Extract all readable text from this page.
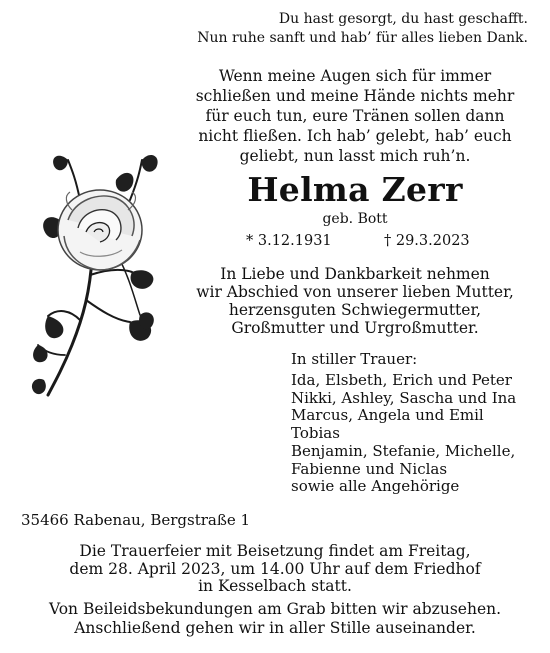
Du hast gesorgt, du hast geschafft.
Nun ruhe sanft und hab’ für alles lieben Dank.
Wenn meine Augen sich für immer
schließen und meine Hände nichts mehr
für euch tun, eure Tränen sollen dann
nicht fließen. Ich hab’ gelebt, hab’ euch
geliebt, nun lasst mich ruh’n.
Helma Zerr
geb. Bott
* 3.12.1931	† 29.3.2023
In Liebe und Dankbarkeit nehmen
wir Abschied von unserer lieben Mutter,
herzensguten Schwiegermutter,
Großmutter und Urgroßmutter.
In stiller Trauer:
Ida, Elsbeth, Erich und Peter
Nikki, Ashley, Sascha und Ina
Marcus, Angela und Emil
Tobias
Benjamin, Stefanie, Michelle,
Fabienne und Niclas
sowie alle Angehörige
35466 Rabenau, Bergstraße 1
Die Trauerfeier mit Beisetzung findet am Freitag,
dem 28. April 2023, um 14.00 Uhr auf dem Friedhof
in Kesselbach statt.
Von Beileidsbekundungen am Grab bitten wir abzusehen.
Anschließend gehen wir in aller Stille auseinander.
